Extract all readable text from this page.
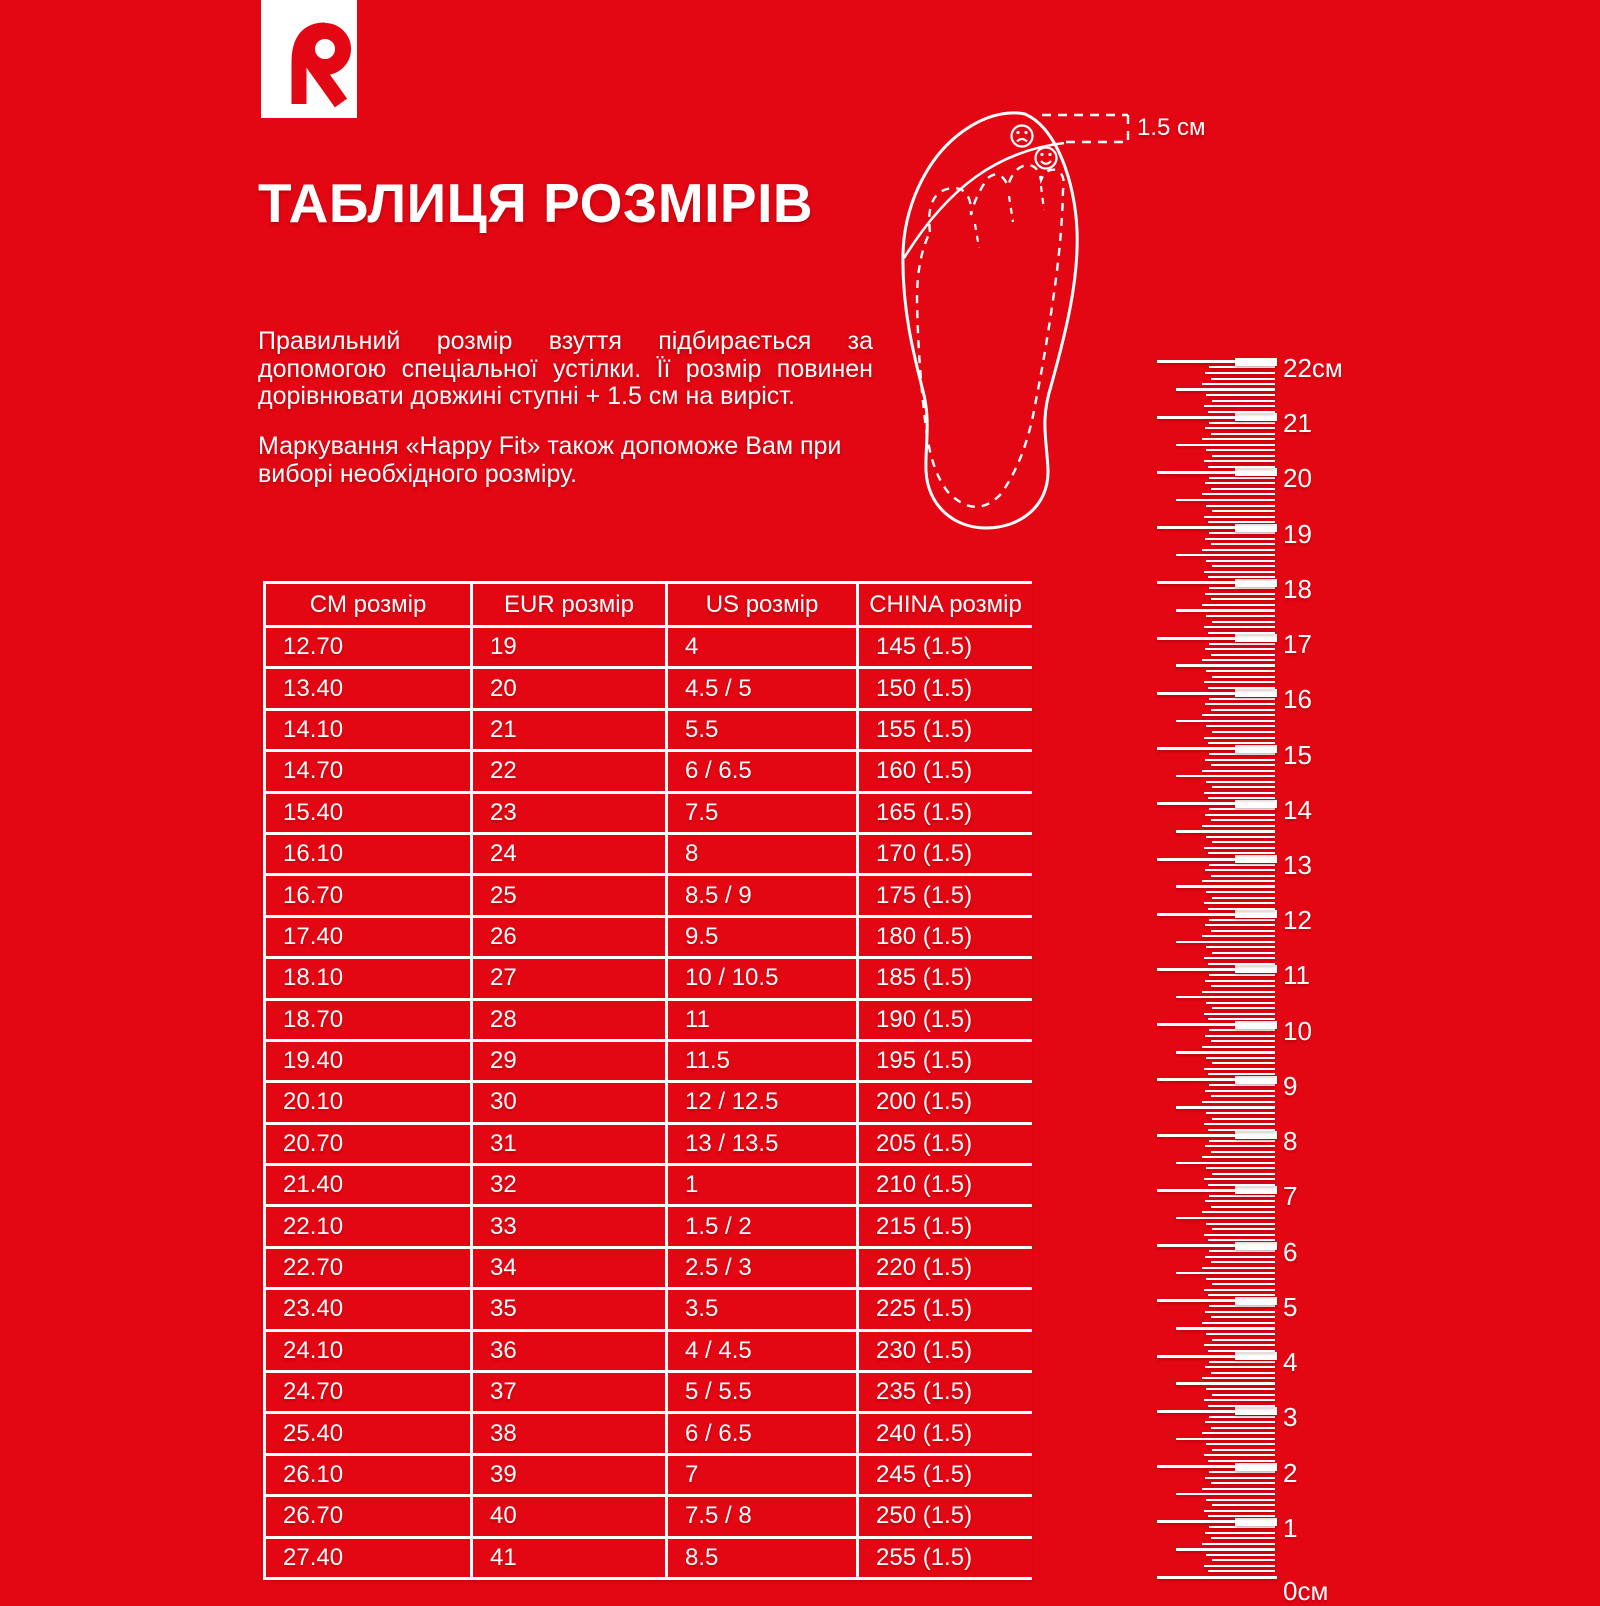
ТАБЛИЦЯ РОЗМІРІВ
Правильний розмір взуття підбирається за допомогою спеціальної устілки. Її розмір повинен дорівнювати довжині ступні + 1.5 см на виріст.
Маркування «Happy Fit» також допоможе Вам при виборі необхідного розміру.
1.5 см
CM розмір	EUR розмір	US розмір	CHINA розмір
12.70	19	4	145 (1.5)
13.40	20	4.5 / 5	150 (1.5)
14.10	21	5.5	155 (1.5)
14.70	22	6 / 6.5	160 (1.5)
15.40	23	7.5	165 (1.5)
16.10	24	8	170 (1.5)
16.70	25	8.5 / 9	175 (1.5)
17.40	26	9.5	180 (1.5)
18.10	27	10 / 10.5	185 (1.5)
18.70	28	11	190 (1.5)
19.40	29	11.5	195 (1.5)
20.10	30	12 / 12.5	200 (1.5)
20.70	31	13 / 13.5	205 (1.5)
21.40	32	1	210 (1.5)
22.10	33	1.5 / 2	215 (1.5)
22.70	34	2.5 / 3	220 (1.5)
23.40	35	3.5	225 (1.5)
24.10	36	4 / 4.5	230 (1.5)
24.70	37	5 / 5.5	235 (1.5)
25.40	38	6 / 6.5	240 (1.5)
26.10	39	7	245 (1.5)
26.70	40	7.5 / 8	250 (1.5)
27.40	41	8.5	255 (1.5)
0см
1
2
3
4
5
6
7
8
9
10
11
12
13
14
15
16
17
18
19
20
21
22см
